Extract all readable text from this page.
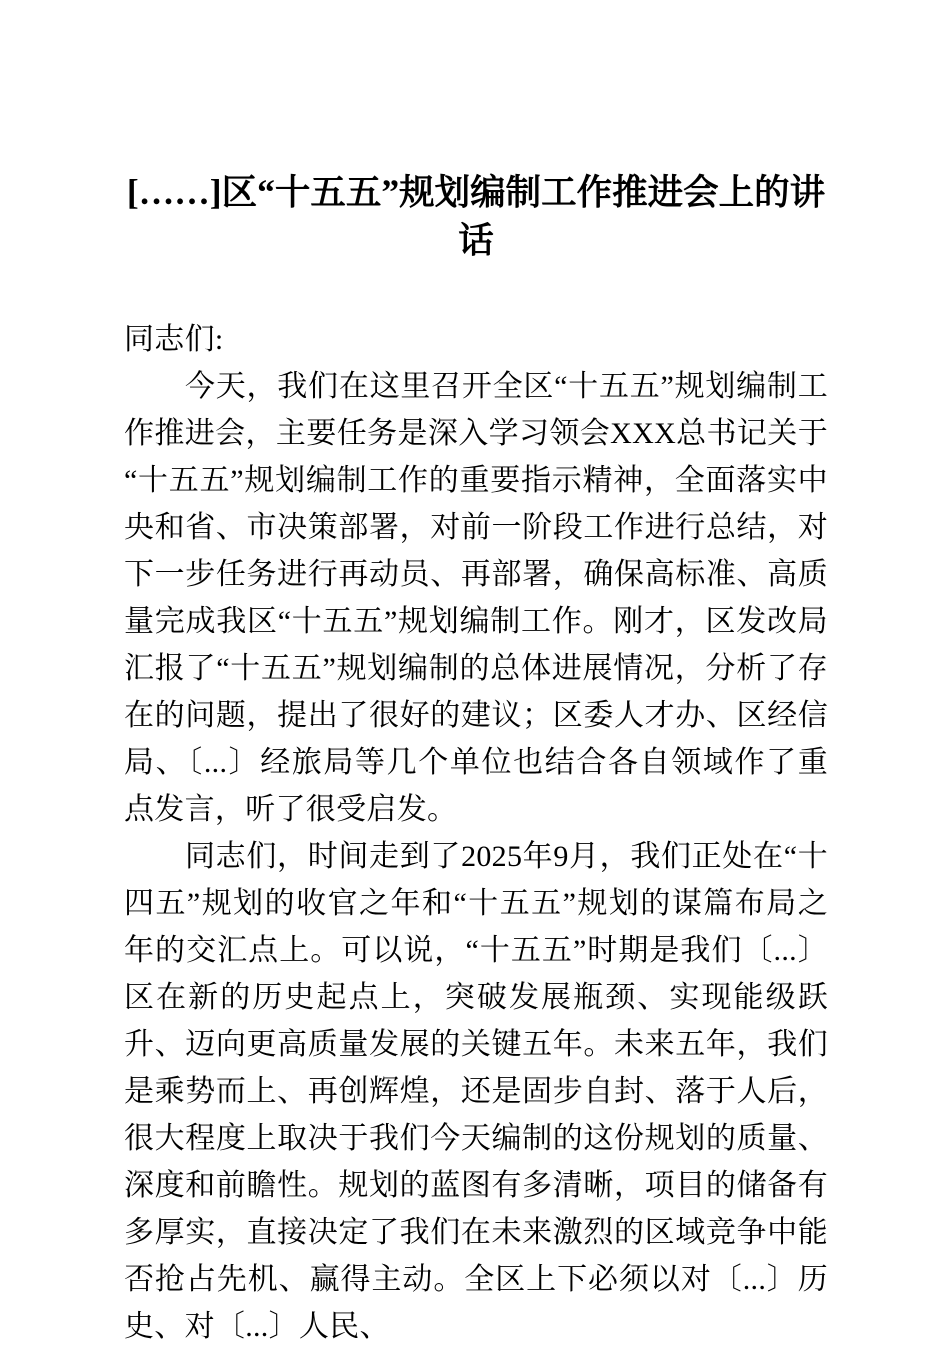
[……]区“十五五”规划编制工作推进会上的讲话

同志们:

今天，我们在这里召开全区“十五五”规划编制工作推进会，主要任务是深入学习领会XXX总书记关于“十五五”规划编制工作的重要指示精神，全面落实中央和省、市决策部署，对前一阶段工作进行总结，对下一步任务进行再动员、再部署，确保高标准、高质量完成我区“十五五”规划编制工作。刚才，区发改局汇报了“十五五”规划编制的总体进展情况，分析了存在的问题，提出了很好的建议；区委人才办、区经信局、〔...〕经旅局等几个单位也结合各自领域作了重点发言，听了很受启发。

同志们，时间走到了2025年9月，我们正处在“十四五”规划的收官之年和“十五五”规划的谋篇布局之年的交汇点上。可以说，“十五五”时期是我们〔...〕区在新的历史起点上，突破发展瓶颈、实现能级跃升、迈向更高质量发展的关键五年。未来五年，我们是乘势而上、再创辉煌，还是固步自封、落于人后，很大程度上取决于我们今天编制的这份规划的质量、深度和前瞻性。规划的蓝图有多清晰，项目的储备有多厚实，直接决定了我们在未来激烈的区域竞争中能否抢占先机、赢得主动。全区上下必须以对〔...〕历史、对〔...〕人民、
